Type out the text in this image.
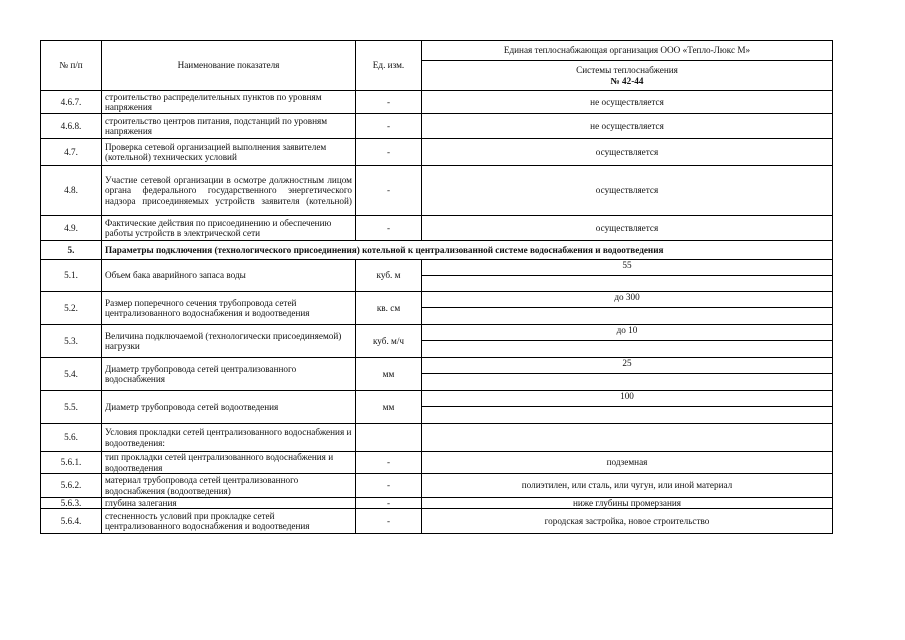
№ п/п	Наименование показателя	Ед. изм.	Единая теплоснабжающая организация ООО «Тепло-Люкс М»

			Системы теплоснабжения
№ 42-44

4.6.7.	строительство распределительных пунктов по уровням напряжения	-	не осуществляется
4.6.8.	строительство центров питания, подстанций по уровням напряжения	-	не осуществляется
4.7.	Проверка сетевой организацией выполнения заявителем (котельной) технических условий	-	осуществляется
4.8.	Участие сетевой организации в осмотре должностным лицом органа федерального государственного энергетического надзора присоединяемых устройств заявителя (котельной)	-	осуществляется
4.9.	Фактические действия по присоединению и обеспечению работы устройств в электрической сети	-	осуществляется
5.	Параметры подключения (технологического присоединения) котельной к централизованной системе водоснабжения и водоотведения		
5.1.	Объем бака аварийного запаса воды	куб. м	55

5.2.	Размер поперечного сечения трубопровода сетей централизованного водоснабжения и водоотведения	кв. см	до 300

5.3.	Величина подключаемой (технологически присоединяемой) нагрузки	куб. м/ч	до 10

5.4.	Диаметр трубопровода сетей централизованного водоснабжения	мм	25

5.5.	Диаметр трубопровода сетей водоотведения	мм	100

5.6.	Условия прокладки сетей централизованного водоснабжения и водоотведения:		
5.6.1.	тип прокладки сетей централизованного водоснабжения и водоотведения	-	подземная
5.6.2.	материал трубопровода сетей централизованного водоснабжения (водоотведения)	-	полиэтилен, или сталь, или чугун, или иной материал
5.6.3.	глубина залегания	-	ниже глубины промерзания
5.6.4.	стесненность условий при прокладке сетей централизованного водоснабжения и водоотведения	-	городская застройка, новое строительство
